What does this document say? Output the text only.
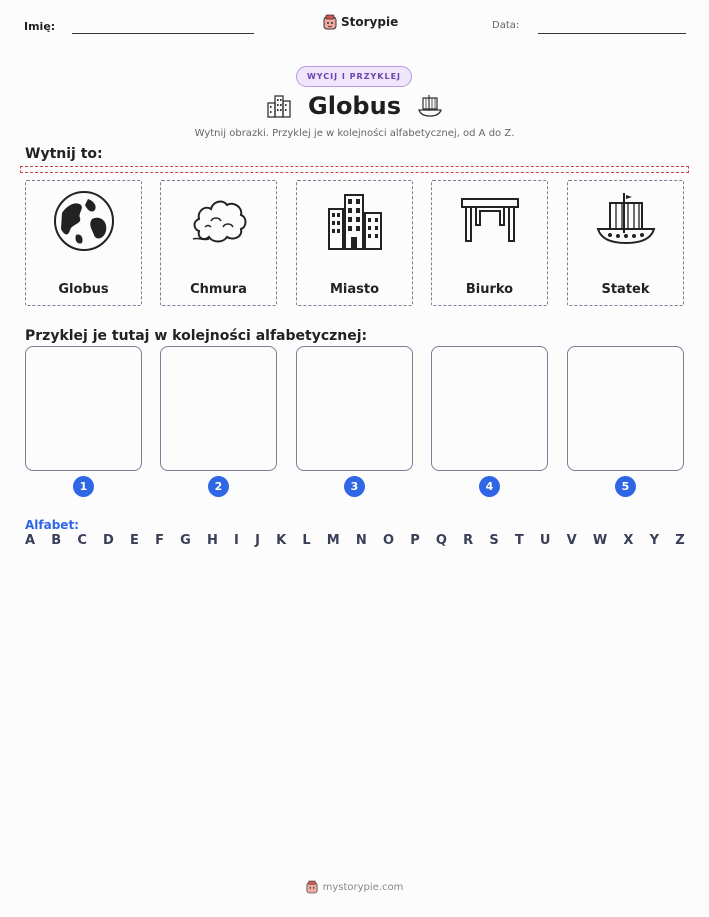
Imię:	Storypie	Data:
WYCIJ I PRZYKLEJ
Globus
Wytnij obrazki. Przyklej je w kolejności alfabetycznej, od A do Z.
Wytnij to:
Globus	Chmura	Miasto	Biurko	Statek
Przyklej je tutaj w kolejności alfabetycznej:
1	2	3	4	5
Alfabet:
A B C D E F G H I J K L M N O P Q R S T U V W X Y Z
mystorypie.com
